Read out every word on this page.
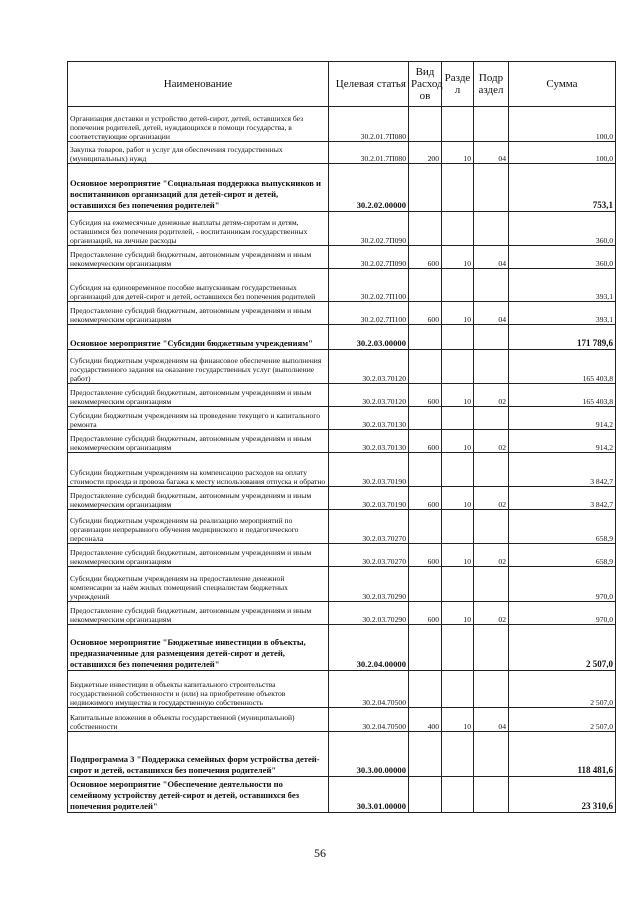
Наименование	Целевая статья	Вид Расход ов	Разде л	Подр аздел	Сумма
Организация доставки и устройство детей-сирот, детей, оставшихся без попечения родителей, детей, нуждающихся в помощи государства, в соответствующие организации	30.2.01.7П080				100,0
Закупка товаров, работ и услуг для обеспечения государственных (муниципальных) нужд	30.2.01.7П080	200	10	04	100,0
Основное мероприятие "Социальная поддержка выпускников и воспитанников организаций для детей-сирот и детей, оставшихся без попечения родителей"	30.2.02.00000				753,1
Субсидия на ежемесячные денежные выплаты детям-сиротам и детям, оставшимся без попечения родителей, - воспитанникам государственных организаций, на личные расходы	30.2.02.7П090				360,0
Предоставление субсидий бюджетным, автономным учреждениям и иным некоммерческим организациям	30.2.02.7П090	600	10	04	360,0
Субсидия на единовременное пособие выпускникам государственных организаций для детей-сирот и детей, оставшихся без попечения родителей	30.2.02.7П100				393,1
Предоставление субсидий бюджетным, автономным учреждениям и иным некоммерческим организациям	30.2.02.7П100	600	10	04	393,1
Основное мероприятие "Субсидии бюджетным учреждениям"	30.2.03.00000				171 789,6
Субсидии бюджетным учреждениям на финансовое обеспечение выполнения государственного задания на оказание государственных услуг (выполнение работ)	30.2.03.70120				165 403,8
Предоставление субсидий бюджетным, автономным учреждениям и иным некоммерческим организациям	30.2.03.70120	600	10	02	165 403,8
Субсидии бюджетным учреждениям на проведение текущего и капитального ремонта	30.2.03.70130				914,2
Предоставление субсидий бюджетным, автономным учреждениям и иным некоммерческим организациям	30.2.03.70130	600	10	02	914,2
Субсидии бюджетным учреждениям на компенсацию расходов на оплату стоимости проезда и провоза багажа к месту использования отпуска и обратно	30.2.03.70190				3 842,7
Предоставление субсидий бюджетным, автономным учреждениям и иным некоммерческим организациям	30.2.03.70190	600	10	02	3 842,7
Субсидии бюджетным учреждениям на реализацию мероприятий по организации непрерывного обучения медицинского и педагогического персонала	30.2.03.70270				658,9
Предоставление субсидий бюджетным, автономным учреждениям и иным некоммерческим организациям	30.2.03.70270	600	10	02	658,9
Субсидии бюджетным учреждениям на предоставление денежной компенсации за наём жилых помещений специалистам бюджетных учреждений	30.2.03.70290				970,0
Предоставление субсидий бюджетным, автономным учреждениям и иным некоммерческим организациям	30.2.03.70290	600	10	02	970,0
Основное мероприятие "Бюджетные инвестиции в объекты, предназначенные для размещения детей-сирот и детей, оставшихся без попечения родителей"	30.2.04.00000				2 507,0
Бюджетные инвестиции в объекты капитального строительства государственной собственности и (или) на приобретение объектов недвижимого имущества в государственную собственность	30.2.04.70500				2 507,0
Капитальные вложения в объекты государственной (муниципальной) собственности	30.2.04.70500	400	10	04	2 507,0
Подпрограмма 3 "Поддержка семейных форм устройства детей-сирот и детей, оставшихся без попечения родителей"	30.3.00.00000				118 481,6
Основное мероприятие "Обеспечение деятельности по семейному устройству детей-сирот и детей, оставшихся без попечения родителей"	30.3.01.00000				23 310,6
56
